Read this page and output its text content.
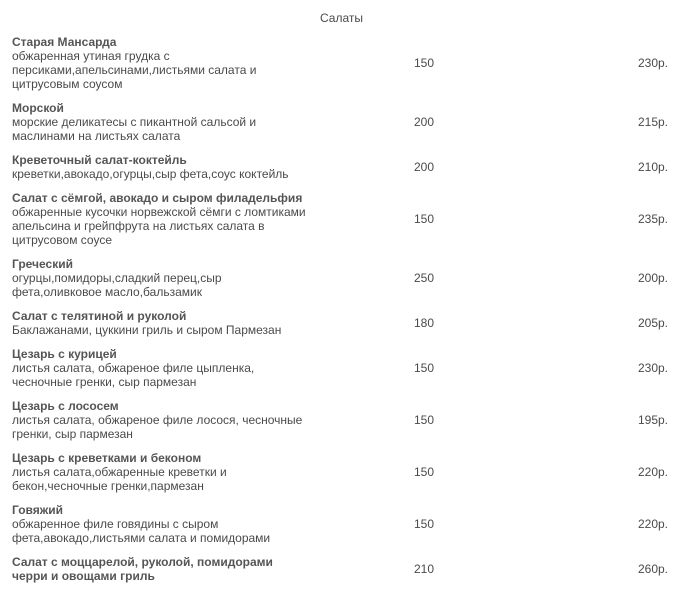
Салаты
Старая Мансарда
обжаренная утиная грудка с персиками,апельсинами,листьями салата и цитрусовым соусом
150	230р.
Морской
морские деликатесы с пикантной сальсой и маслинами на листьях салата
200	215р.
Креветочный салат-коктейль
креветки,авокадо,огурцы,сыр фета,соус коктейль	200	210р.
Салат с сёмгой, авокадо и сыром филадельфия
обжаренные кусочки норвежской сёмги с ломтиками апельсина и грейпфрута на листьях салата в цитрусовом соусе
150	235р.
Греческий
огурцы,помидоры,сладкий перец,сыр фета,оливковое масло,бальзамик
250	200р.
Салат с телятиной и руколой
Баклажанами, цуккини гриль и сыром Пармезан	180	205р.
Цезарь с курицей
листья салата, обжареное филе цыпленка, чесночные гренки, сыр пармезан
150	230р.
Цезарь с лососем
листья салата, обжареное филе лосося, чесночные гренки, сыр пармезан
150	195р.
Цезарь с креветками и беконом
листья салата,обжаренные креветки и бекон,чесночные гренки,пармезан
150	220р.
Говяжий
обжаренное филе говядины с сыром фета,авокадо,листьями салата и помидорами
150	220р.
Салат с моццарелой, руколой, помидорами черри и овощами гриль	210	260р.
